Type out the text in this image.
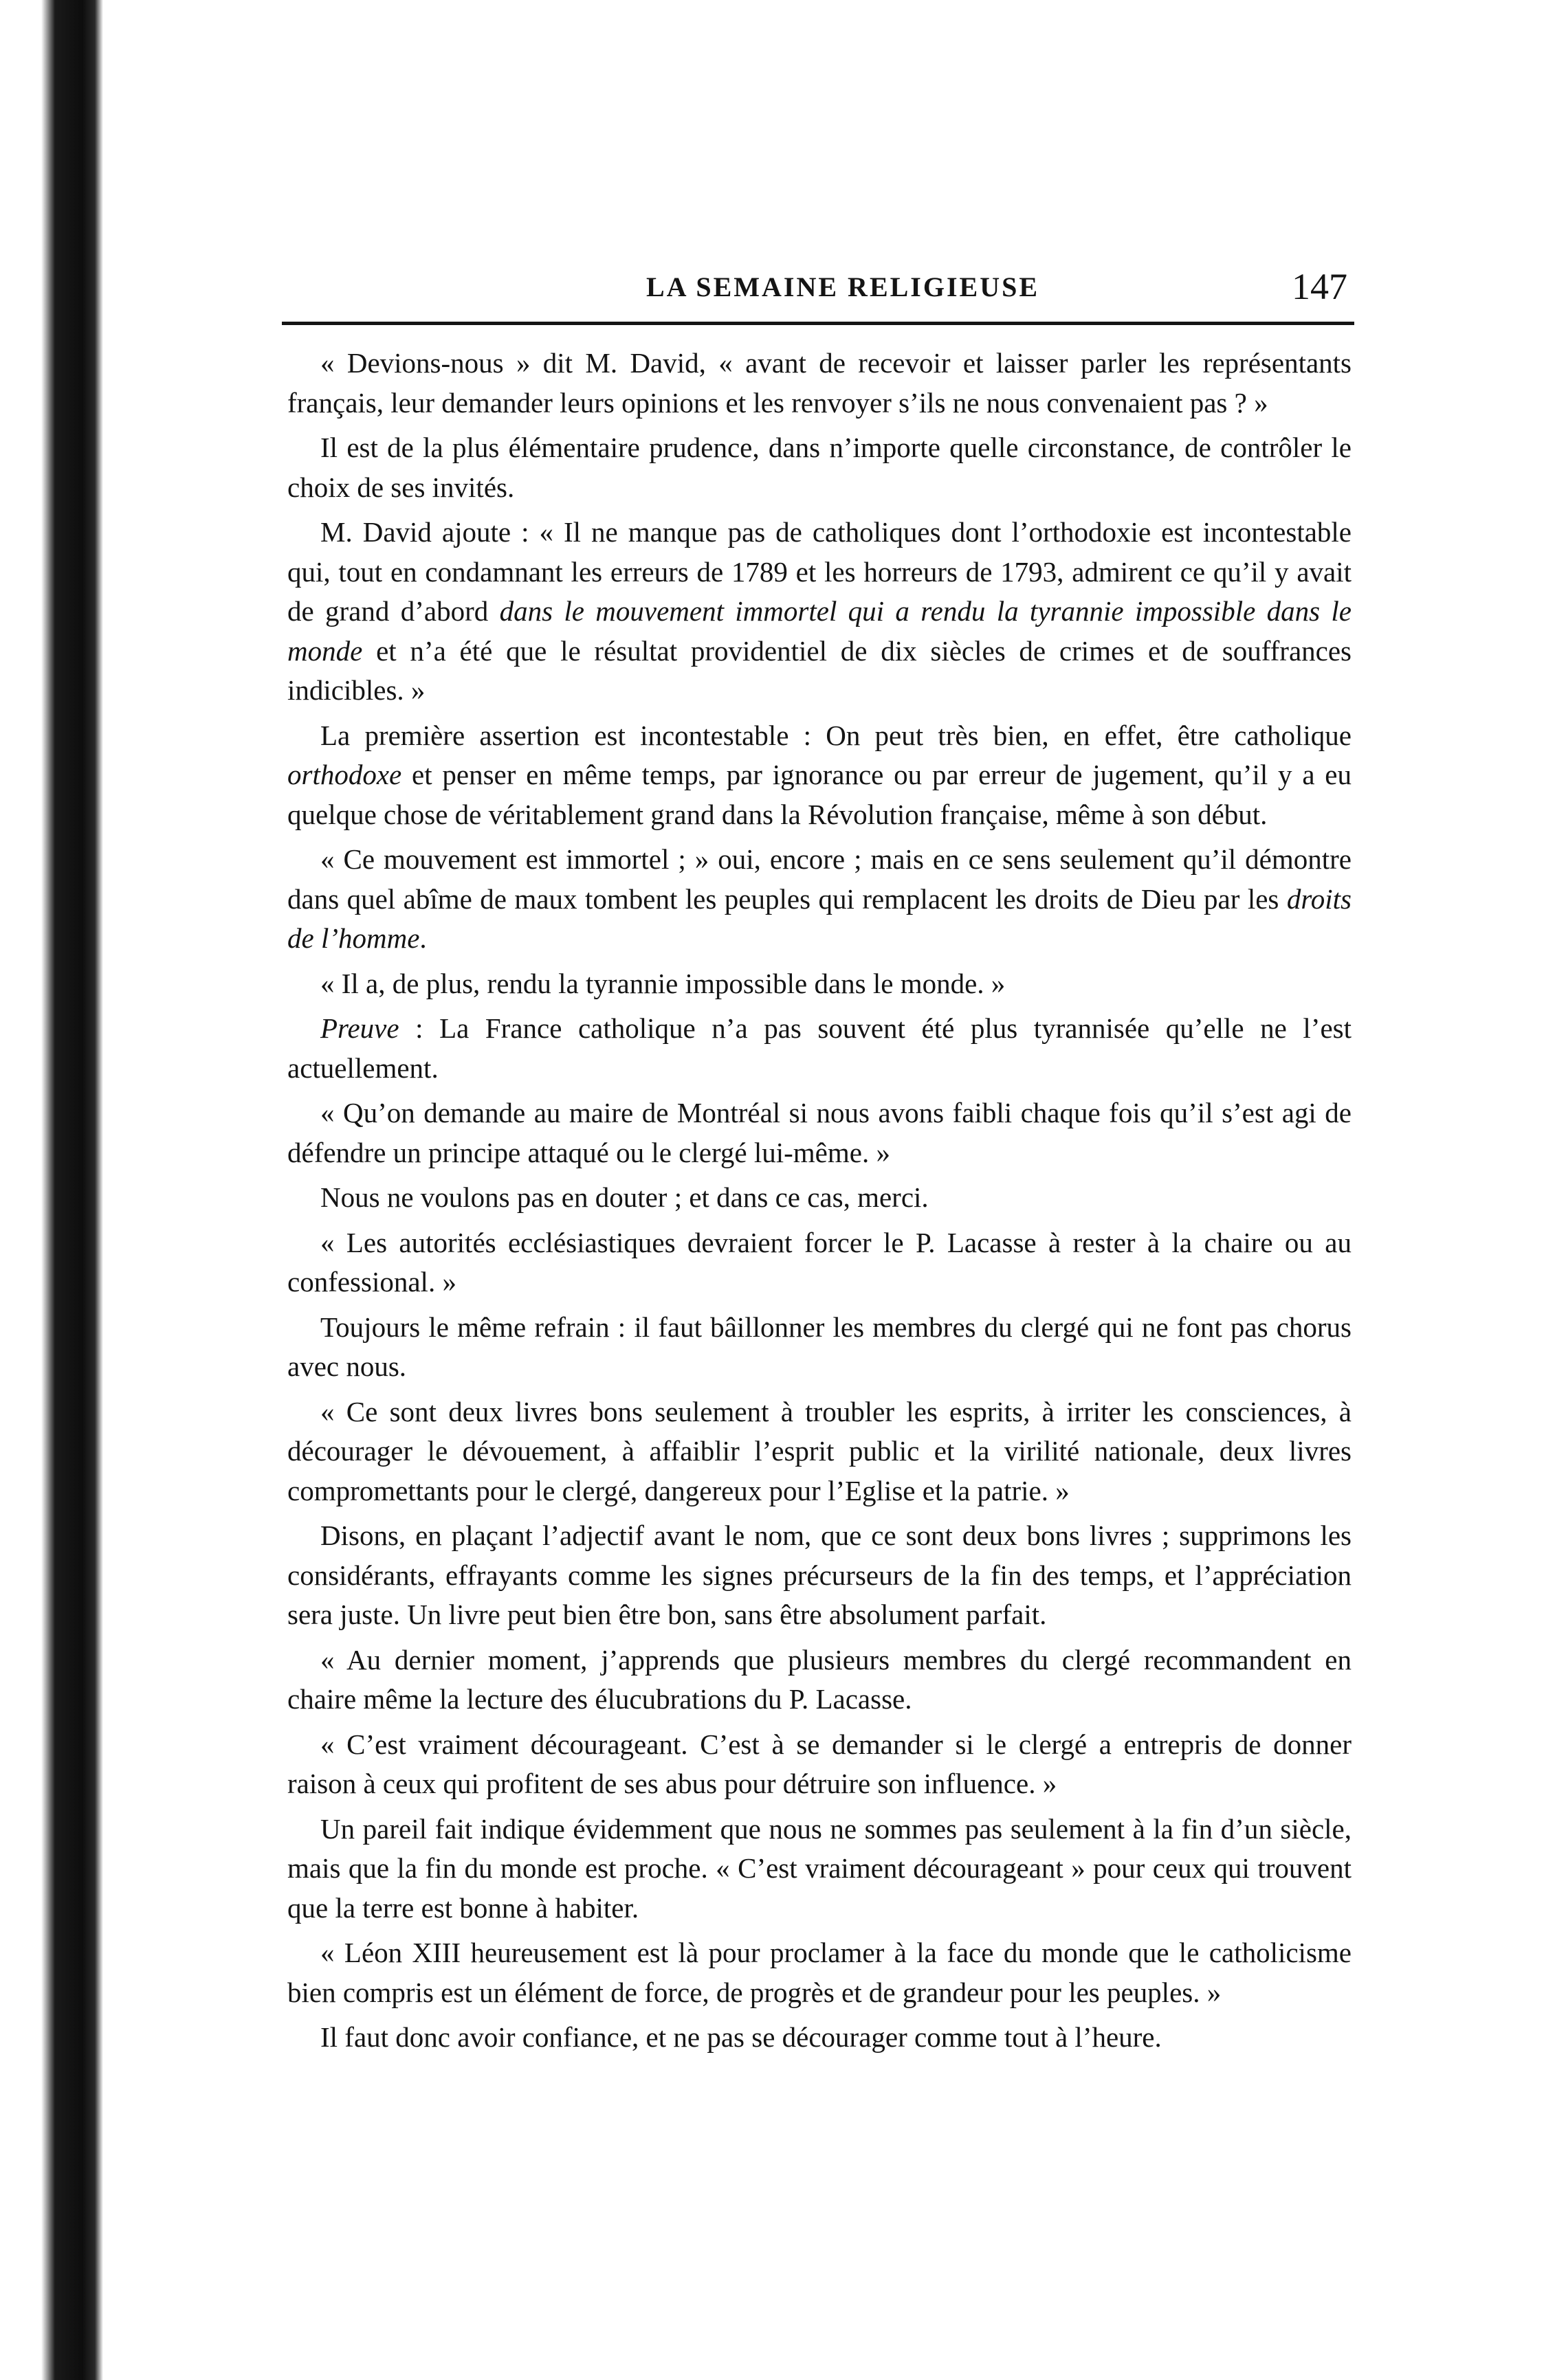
LA SEMAINE RELIGIEUSE	147

« Devions-nous » dit M. David, « avant de recevoir et laisser parler les représentants français, leur demander leurs opinions et les renvoyer s’ils ne nous convenaient pas ? »

Il est de la plus élémentaire prudence, dans n’importe quelle circonstance, de contrôler le choix de ses invités.

M. David ajoute : « Il ne manque pas de catholiques dont l’orthodoxie est incontestable qui, tout en condamnant les erreurs de 1789 et les horreurs de 1793, admirent ce qu’il y avait de grand d’abord dans le mouvement immortel qui a rendu la tyrannie impossible dans le monde et n’a été que le résultat providentiel de dix siècles de crimes et de souffrances indicibles. »

La première assertion est incontestable : On peut très bien, en effet, être catholique orthodoxe et penser en même temps, par ignorance ou par erreur de jugement, qu’il y a eu quelque chose de véritablement grand dans la Révolution française, même à son début.

« Ce mouvement est immortel ; » oui, encore ; mais en ce sens seulement qu’il démontre dans quel abîme de maux tombent les peuples qui remplacent les droits de Dieu par les droits de l’homme.

« Il a, de plus, rendu la tyrannie impossible dans le monde. »

Preuve : La France catholique n’a pas souvent été plus tyrannisée qu’elle ne l’est actuellement.

« Qu’on demande au maire de Montréal si nous avons faibli chaque fois qu’il s’est agi de défendre un principe attaqué ou le clergé lui-même. »

Nous ne voulons pas en douter ; et dans ce cas, merci.

« Les autorités ecclésiastiques devraient forcer le P. Lacasse à rester à la chaire ou au confessional. »

Toujours le même refrain : il faut bâillonner les membres du clergé qui ne font pas chorus avec nous.

« Ce sont deux livres bons seulement à troubler les esprits, à irriter les consciences, à décourager le dévouement, à affaiblir l’esprit public et la virilité nationale, deux livres compromettants pour le clergé, dangereux pour l’Eglise et la patrie. »

Disons, en plaçant l’adjectif avant le nom, que ce sont deux bons livres ; supprimons les considérants, effrayants comme les signes précurseurs de la fin des temps, et l’appréciation sera juste. Un livre peut bien être bon, sans être absolument parfait.

« Au dernier moment, j’apprends que plusieurs membres du clergé recommandent en chaire même la lecture des élucubrations du P. Lacasse.

« C’est vraiment décourageant. C’est à se demander si le clergé a entrepris de donner raison à ceux qui profitent de ses abus pour détruire son influence. »

Un pareil fait indique évidemment que nous ne sommes pas seulement à la fin d’un siècle, mais que la fin du monde est proche. « C’est vraiment décourageant » pour ceux qui trouvent que la terre est bonne à habiter.

« Léon XIII heureusement est là pour proclamer à la face du monde que le catholicisme bien compris est un élément de force, de progrès et de grandeur pour les peuples. »

Il faut donc avoir confiance, et ne pas se décourager comme tout à l’heure.
